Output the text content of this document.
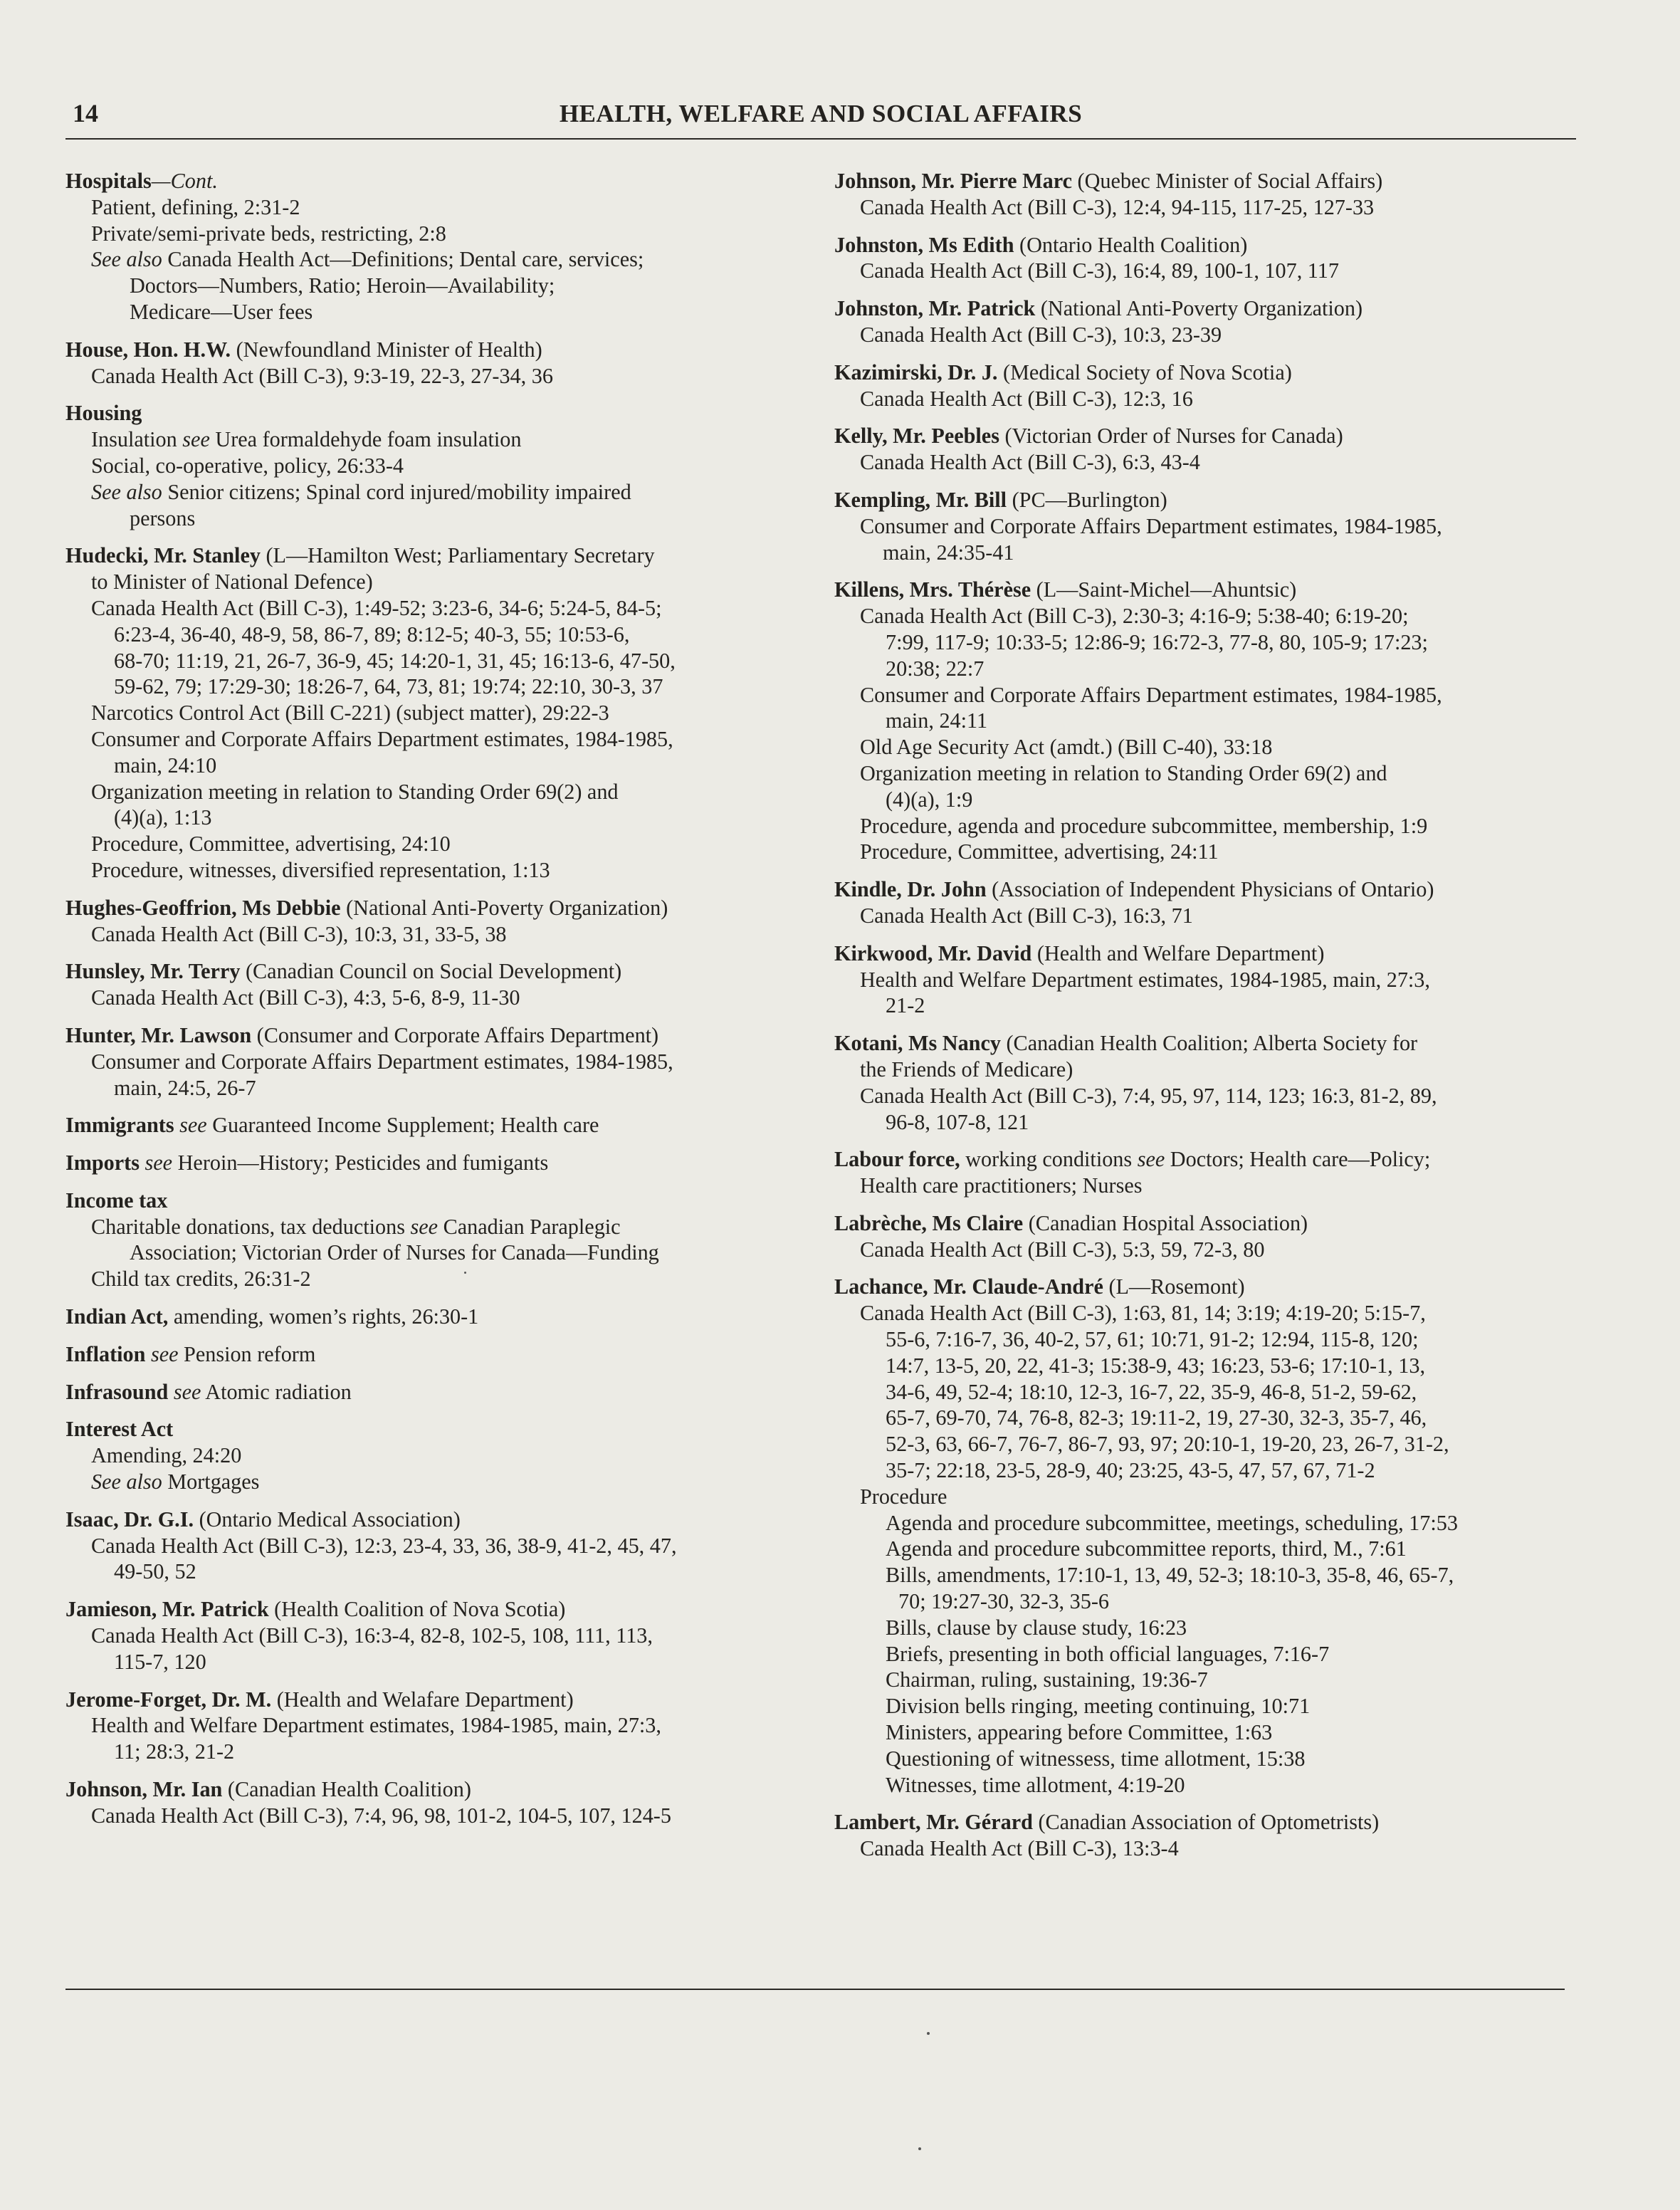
14	HEALTH, WELFARE AND SOCIAL AFFAIRS
Hospitals—Cont.
Patient, defining, 2:31-2
Private/semi-private beds, restricting, 2:8
See also Canada Health Act—Definitions; Dental care, services;
Doctors—Numbers, Ratio; Heroin—Availability;
Medicare—User fees
House, Hon. H.W. (Newfoundland Minister of Health)
Canada Health Act (Bill C-3), 9:3-19, 22-3, 27-34, 36
Housing
Insulation see Urea formaldehyde foam insulation
Social, co-operative, policy, 26:33-4
See also Senior citizens; Spinal cord injured/mobility impaired
persons
Hudecki, Mr. Stanley (L—Hamilton West; Parliamentary Secretary
to Minister of National Defence)
Canada Health Act (Bill C-3), 1:49-52; 3:23-6, 34-6; 5:24-5, 84-5;
6:23-4, 36-40, 48-9, 58, 86-7, 89; 8:12-5; 40-3, 55; 10:53-6,
68-70; 11:19, 21, 26-7, 36-9, 45; 14:20-1, 31, 45; 16:13-6, 47-50,
59-62, 79; 17:29-30; 18:26-7, 64, 73, 81; 19:74; 22:10, 30-3, 37
Narcotics Control Act (Bill C-221) (subject matter), 29:22-3
Consumer and Corporate Affairs Department estimates, 1984-1985,
main, 24:10
Organization meeting in relation to Standing Order 69(2) and
(4)(a), 1:13
Procedure, Committee, advertising, 24:10
Procedure, witnesses, diversified representation, 1:13
Hughes-Geoffrion, Ms Debbie (National Anti-Poverty Organization)
Canada Health Act (Bill C-3), 10:3, 31, 33-5, 38
Hunsley, Mr. Terry (Canadian Council on Social Development)
Canada Health Act (Bill C-3), 4:3, 5-6, 8-9, 11-30
Hunter, Mr. Lawson (Consumer and Corporate Affairs Department)
Consumer and Corporate Affairs Department estimates, 1984-1985,
main, 24:5, 26-7
Immigrants see Guaranteed Income Supplement; Health care
Imports see Heroin—History; Pesticides and fumigants
Income tax
Charitable donations, tax deductions see Canadian Paraplegic
Association; Victorian Order of Nurses for Canada—Funding
Child tax credits, 26:31-2
Indian Act, amending, women’s rights, 26:30-1
Inflation see Pension reform
Infrasound see Atomic radiation
Interest Act
Amending, 24:20
See also Mortgages
Isaac, Dr. G.I. (Ontario Medical Association)
Canada Health Act (Bill C-3), 12:3, 23-4, 33, 36, 38-9, 41-2, 45, 47,
49-50, 52
Jamieson, Mr. Patrick (Health Coalition of Nova Scotia)
Canada Health Act (Bill C-3), 16:3-4, 82-8, 102-5, 108, 111, 113,
115-7, 120
Jerome-Forget, Dr. M. (Health and Welafare Department)
Health and Welfare Department estimates, 1984-1985, main, 27:3,
11; 28:3, 21-2
Johnson, Mr. Ian (Canadian Health Coalition)
Canada Health Act (Bill C-3), 7:4, 96, 98, 101-2, 104-5, 107, 124-5
Johnson, Mr. Pierre Marc (Quebec Minister of Social Affairs)
Canada Health Act (Bill C-3), 12:4, 94-115, 117-25, 127-33
Johnston, Ms Edith (Ontario Health Coalition)
Canada Health Act (Bill C-3), 16:4, 89, 100-1, 107, 117
Johnston, Mr. Patrick (National Anti-Poverty Organization)
Canada Health Act (Bill C-3), 10:3, 23-39
Kazimirski, Dr. J. (Medical Society of Nova Scotia)
Canada Health Act (Bill C-3), 12:3, 16
Kelly, Mr. Peebles (Victorian Order of Nurses for Canada)
Canada Health Act (Bill C-3), 6:3, 43-4
Kempling, Mr. Bill (PC—Burlington)
Consumer and Corporate Affairs Department estimates, 1984-1985,
main, 24:35-41
Killens, Mrs. Thérèse (L—Saint-Michel—Ahuntsic)
Canada Health Act (Bill C-3), 2:30-3; 4:16-9; 5:38-40; 6:19-20;
7:99, 117-9; 10:33-5; 12:86-9; 16:72-3, 77-8, 80, 105-9; 17:23;
20:38; 22:7
Consumer and Corporate Affairs Department estimates, 1984-1985,
main, 24:11
Old Age Security Act (amdt.) (Bill C-40), 33:18
Organization meeting in relation to Standing Order 69(2) and
(4)(a), 1:9
Procedure, agenda and procedure subcommittee, membership, 1:9
Procedure, Committee, advertising, 24:11
Kindle, Dr. John (Association of Independent Physicians of Ontario)
Canada Health Act (Bill C-3), 16:3, 71
Kirkwood, Mr. David (Health and Welfare Department)
Health and Welfare Department estimates, 1984-1985, main, 27:3,
21-2
Kotani, Ms Nancy (Canadian Health Coalition; Alberta Society for
the Friends of Medicare)
Canada Health Act (Bill C-3), 7:4, 95, 97, 114, 123; 16:3, 81-2, 89,
96-8, 107-8, 121
Labour force, working conditions see Doctors; Health care—Policy;
Health care practitioners; Nurses
Labrèche, Ms Claire (Canadian Hospital Association)
Canada Health Act (Bill C-3), 5:3, 59, 72-3, 80
Lachance, Mr. Claude-André (L—Rosemont)
Canada Health Act (Bill C-3), 1:63, 81, 14; 3:19; 4:19-20; 5:15-7,
55-6, 7:16-7, 36, 40-2, 57, 61; 10:71, 91-2; 12:94, 115-8, 120;
14:7, 13-5, 20, 22, 41-3; 15:38-9, 43; 16:23, 53-6; 17:10-1, 13,
34-6, 49, 52-4; 18:10, 12-3, 16-7, 22, 35-9, 46-8, 51-2, 59-62,
65-7, 69-70, 74, 76-8, 82-3; 19:11-2, 19, 27-30, 32-3, 35-7, 46,
52-3, 63, 66-7, 76-7, 86-7, 93, 97; 20:10-1, 19-20, 23, 26-7, 31-2,
35-7; 22:18, 23-5, 28-9, 40; 23:25, 43-5, 47, 57, 67, 71-2
Procedure
Agenda and procedure subcommittee, meetings, scheduling, 17:53
Agenda and procedure subcommittee reports, third, M., 7:61
Bills, amendments, 17:10-1, 13, 49, 52-3; 18:10-3, 35-8, 46, 65-7,
70; 19:27-30, 32-3, 35-6
Bills, clause by clause study, 16:23
Briefs, presenting in both official languages, 7:16-7
Chairman, ruling, sustaining, 19:36-7
Division bells ringing, meeting continuing, 10:71
Ministers, appearing before Committee, 1:63
Questioning of witnessess, time allotment, 15:38
Witnesses, time allotment, 4:19-20
Lambert, Mr. Gérard (Canadian Association of Optometrists)
Canada Health Act (Bill C-3), 13:3-4
